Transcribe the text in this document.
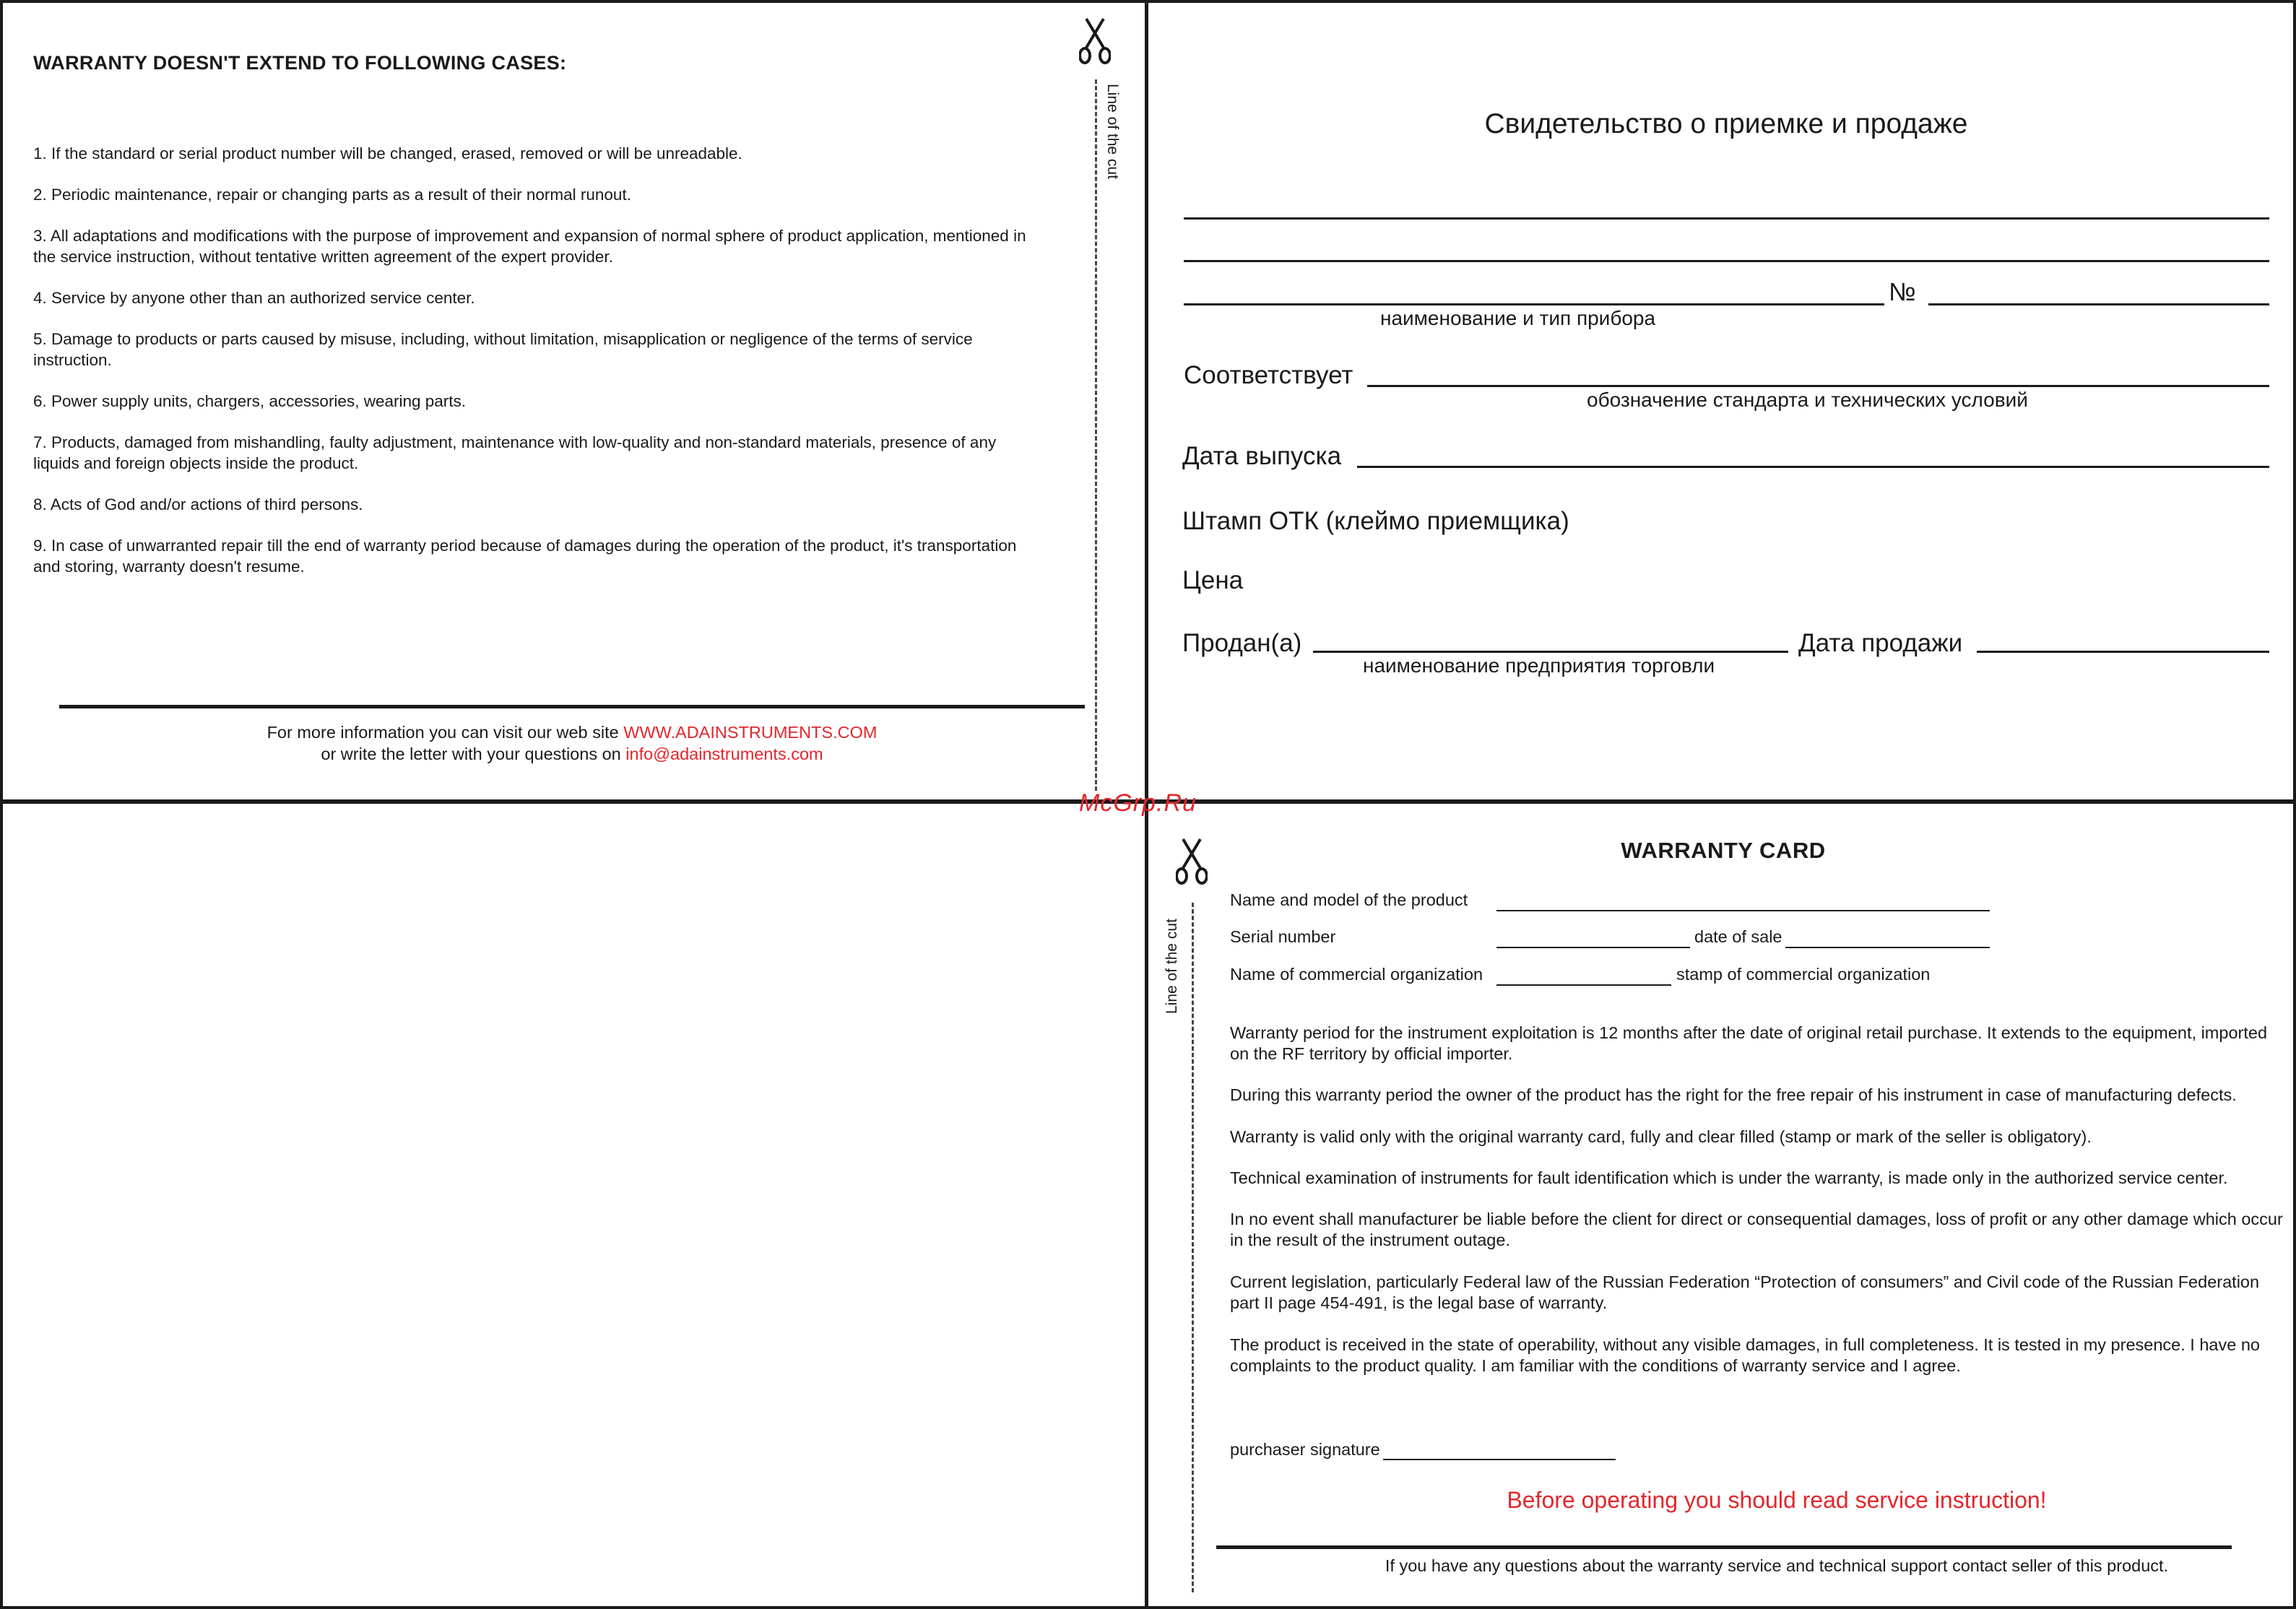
WARRANTY DOESN'T EXTEND TO FOLLOWING CASES:
1. If the standard or serial product number will be changed, erased, removed or will be unreadable.
2. Periodic maintenance, repair or changing parts as a result of their normal runout.
3. All adaptations and modifications with the purpose of improvement and expansion of normal sphere of product application, mentioned in the service instruction, without tentative written agreement of the expert provider.
4. Service by anyone other than an authorized service center.
5. Damage to products or parts caused by misuse, including, without limitation, misapplication or negligence of the terms of service instruction.
6. Power supply units, chargers, accessories, wearing parts.
7. Products, damaged from mishandling, faulty adjustment, maintenance with low-quality and non-standard materials, presence of any liquids and foreign objects inside the product.
8. Acts of God and/or actions of third persons.
9. In case of unwarranted repair till the end of warranty period because of damages during the operation of the product, it's transportation and storing, warranty doesn't resume.
For more information you can visit our web site WWW.ADAINSTRUMENTS.COM
or write the letter with your questions on info@adainstruments.com
Line of the cut	Свидетельство о приемке и продаже
№
наименование и тип прибора
Соответствует
обозначение стандарта и технических условий
Дата выпуска
Штамп ОТК (клеймо приемщика)
Цена
Продан(а)	Дата продажи
наименование предприятия торговли
McGrp.Ru
Line of the cut
WARRANTY CARD
Name and model of the product
Serial number	date of sale
Name of commercial organization	stamp of commercial organization

Warranty period for the instrument exploitation is 12 months after the date of original retail purchase. It extends to the equipment, imported on the RF territory by official importer.

During this warranty period the owner of the product has the right for the free repair of his instrument in case of manufacturing defects.

Warranty is valid only with the original warranty card, fully and clear filled (stamp or mark of the seller is obligatory).

Technical examination of instruments for fault identification which is under the warranty, is made only in the authorized service center.

In no event shall manufacturer be liable before the client for direct or consequential damages, loss of profit or any other damage which occur in the result of the instrument outage.

Current legislation, particularly Federal law of the Russian Federation “Protection of consumers” and Civil code of the Russian Federation part II page 454-491, is the legal base of warranty.

The product is received in the state of operability, without any visible damages, in full completeness. It is tested in my presence. I have no complaints to the product quality. I am familiar with the conditions of warranty service and I agree.

purchaser signature
Before operating you should read service instruction!
If you have any questions about the warranty service and technical support contact seller of this product.
